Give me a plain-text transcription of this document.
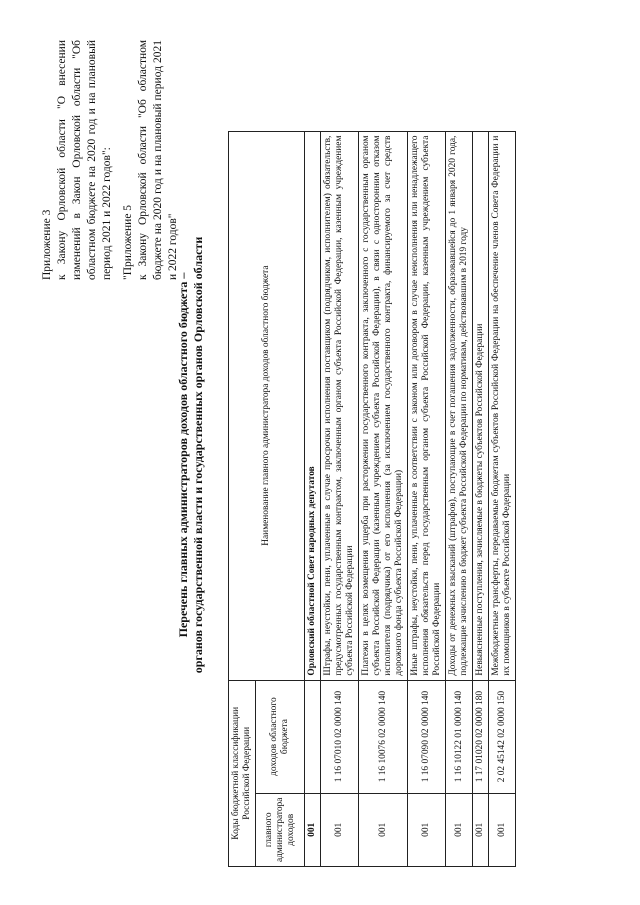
Приложение 3 к Закону Орловской области "О внесении изменений в Закон Орловской области "Об областном бюджете на 2020 год и на плановый период 2021 и 2022 годов": "Приложение 5 к Закону Орловской области "Об областном бюджете на 2020 год и на плановый период 2021 и 2022 годов"

Перечень главных администраторов доходов областного бюджета – органов государственной власти и государственных органов Орловской области

Коды бюджетной классификации Российской Федерации		Наименование главного администратора доходов областного бюджета
главного администратора доходов	доходов областного бюджета	
001		Орловский областной Совет народных депутатов
001	1 16 07010 02 0000 140	Штрафы, неустойки, пени, уплаченные в случае просрочки исполнения поставщиком (подрядчиком, исполнителем) обязательств, предусмотренных государственным контрактом, заключенным органом субъекта Российской Федерации, казенным учреждением субъекта Российской Федерации
001	1 16 10076 02 0000 140	Платежи в целях возмещения ущерба при расторжении государственного контракта, заключенного с государственным органом субъекта Российской Федерации (казенным учреждением субъекта Российской Федерации), в связи с односторонним отказом исполнителя (подрядчика) от его исполнения (за исключением государственного контракта, финансируемого за счет средств дорожного фонда субъекта Российской Федерации)
001	1 16 07090 02 0000 140	Иные штрафы, неустойки, пени, уплаченные в соответствии с законом или договором в случае неисполнения или ненадлежащего исполнения обязательств перед государственным органом субъекта Российской Федерации, казенным учреждением субъекта Российской Федерации
001	1 16 10122 01 0000 140	Доходы от денежных взысканий (штрафов), поступающие в счет погашения задолженности, образовавшейся до 1 января 2020 года, подлежащие зачислению в бюджет субъекта Российской Федерации по нормативам, действовавшим в 2019 году
001	1 17 01020 02 0000 180	Невыясненные поступления, зачисляемые в бюджеты субъектов Российской Федерации
001	2 02 45142 02 0000 150	Межбюджетные трансферты, передаваемые бюджетам субъектов Российской Федерации на обеспечение членов Совета Федерации и их помощников в субъекте Российской Федерации
